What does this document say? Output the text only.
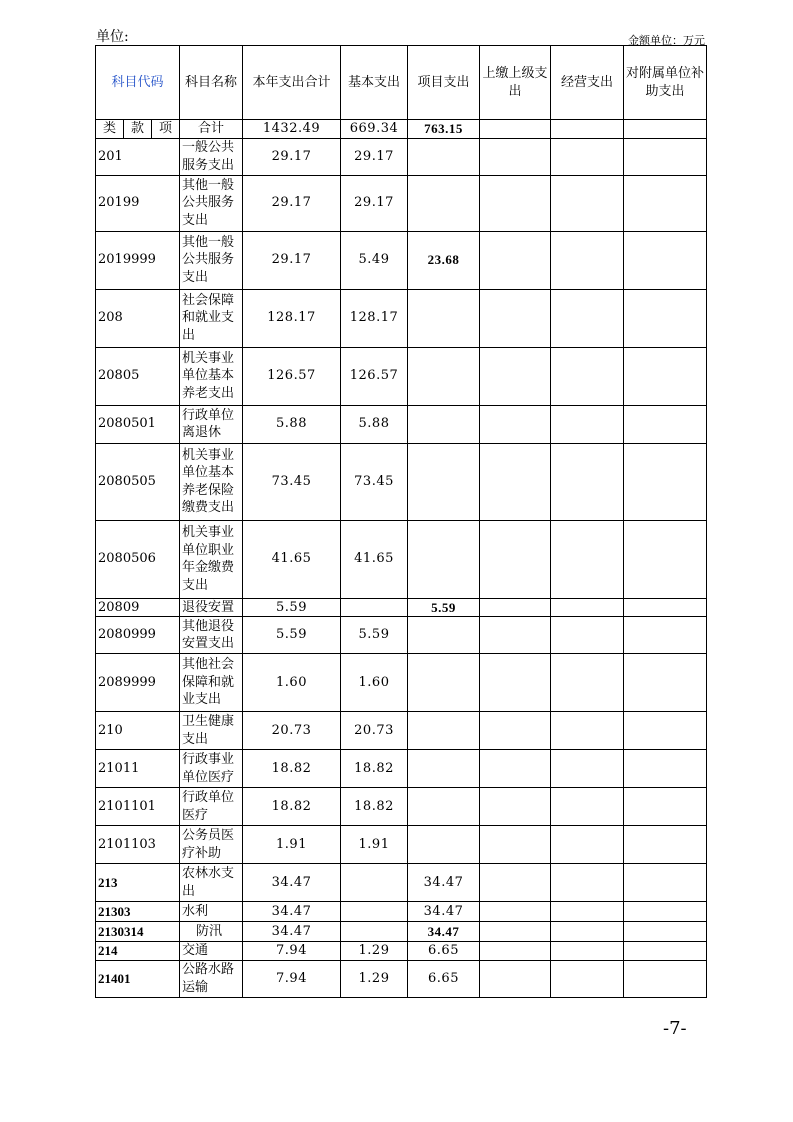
单位:	金额单位：万元
科目代码			科目名称	本年支出合计	基本支出	项目支出	上缴上级支出	经营支出	对附属单位补助支出
类	款	项	合计	1432.49	669.34	763.15			
201			一般公共服务支出	29.17	29.17				
20199			其他一般公共服务支出	29.17	29.17				
2019999			其他一般公共服务支出	29.17	5.49	23.68			
208			社会保障和就业支出	128.17	128.17				
20805			机关事业单位基本养老支出	126.57	126.57				
2080501			行政单位离退休	5.88	5.88				
2080505			机关事业单位基本养老保险缴费支出	73.45	73.45				
2080506			机关事业单位职业年金缴费支出	41.65	41.65				
20809			退役安置	5.59		5.59			
2080999			其他退役安置支出	5.59	5.59				
2089999			其他社会保障和就业支出	1.60	1.60				
210			卫生健康支出	20.73	20.73				
21011			行政事业单位医疗	18.82	18.82				
2101101			行政单位医疗	18.82	18.82				
2101103			公务员医疗补助	1.91	1.91				
213			农林水支出	34.47		34.47			
21303			水利	34.47		34.47			
2130314			防汛	34.47		34.47			
214			交通	7.94	1.29	6.65			
21401			公路水路运输	7.94	1.29	6.65			
-7-
